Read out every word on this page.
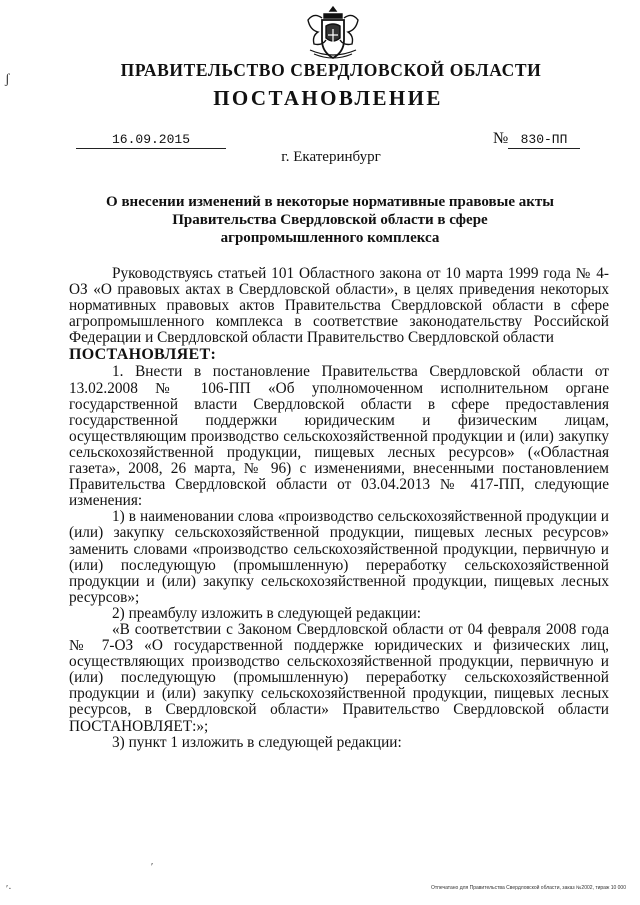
ʃ	ПРАВИТЕЛЬСТВО СВЕРДЛОВСКОЙ ОБЛАСТИ
ПОСТАНОВЛЕНИЕ
16.09.2015	№ 830-ПП
г. Екатеринбург
О внесении изменений в некоторые нормативные правовые акты
Правительства Свердловской области в сфере
агропромышленного комплекса

Руководствуясь статьей 101 Областного закона от 10 марта 1999 года № 4-ОЗ «О правовых актах в Свердловской области», в целях приведения некоторых нормативных правовых актов Правительства Свердловской области в сфере агропромышленного комплекса в соответствие законодательству Российской Федерации и Свердловской области Правительство Свердловской области

ПОСТАНОВЛЯЕТ:

1. Внести в постановление Правительства Свердловской области от 13.02.2008 № 106-ПП «Об уполномоченном исполнительном органе государственной власти Свердловской области в сфере предоставления государственной поддержки юридическим и физическим лицам, осуществляющим производство сельскохозяйственной продукции и (или) закупку сельскохозяйственной продукции, пищевых лесных ресурсов» («Областная газета», 2008, 26 марта, № 96) с изменениями, внесенными постановлением Правительства Свердловской области от 03.04.2013 № 417-ПП, следующие изменения:

1) в наименовании слова «производство сельскохозяйственной продукции и (или) закупку сельскохозяйственной продукции, пищевых лесных ресурсов» заменить словами «производство сельскохозяйственной продукции, первичную и (или) последующую (промышленную) переработку сельскохозяйственной продукции и (или) закупку сельскохозяйственной продукции, пищевых лесных ресурсов»;

2) преамбулу изложить в следующей редакции:

«В соответствии с Законом Свердловской области от 04 февраля 2008 года № 7-ОЗ «О государственной поддержке юридических и физических лиц, осуществляющих производство сельскохозяйственной продукции, первичную и (или) последующую (промышленную) переработку сельскохозяйственной продукции и (или) закупку сельскохозяйственной продукции, пищевых лесных ресурсов, в Свердловской области» Правительство Свердловской области ПОСТАНОВЛЯЕТ:»;

3) пункт 1 изложить в следующей редакции:

ʹ
ʹ·	Отпечатано для Правительства Свердловской области, заказ №2002, тираж 10 000
